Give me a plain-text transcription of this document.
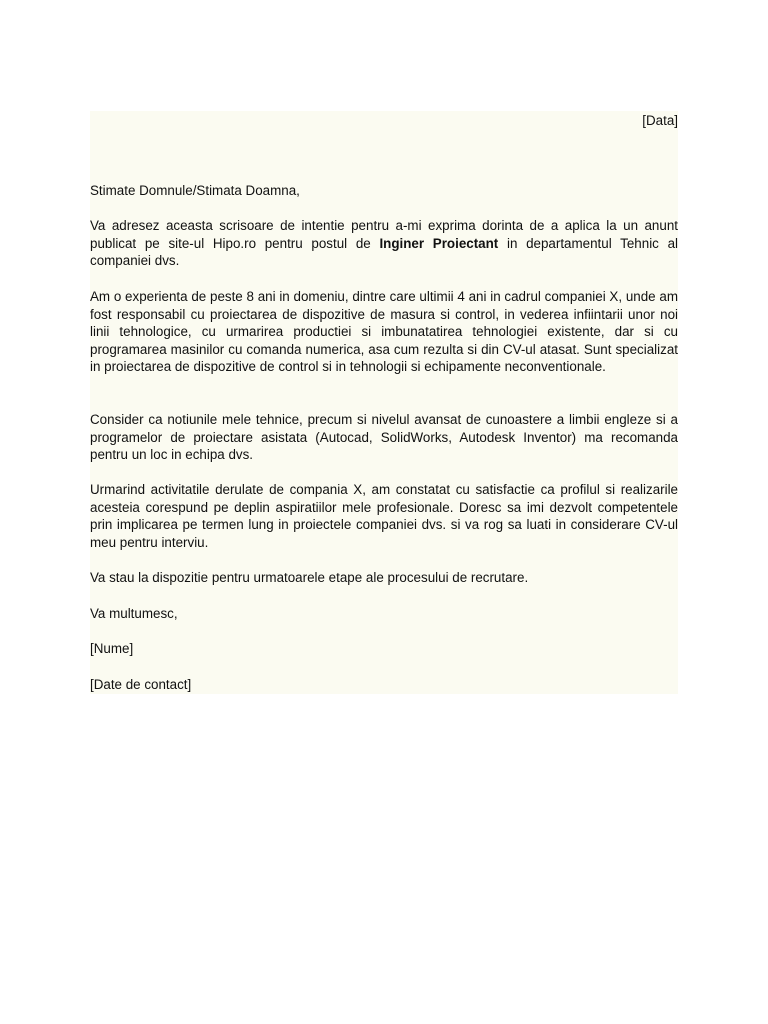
[Data]

Stimate Domnule/Stimata Doamna,

Va adresez aceasta scrisoare de intentie pentru a-mi exprima dorinta de a aplica la un anunt publicat pe site-ul Hipo.ro pentru postul de Inginer Proiectant in departamentul Tehnic al companiei dvs.

Am o experienta de peste 8 ani in domeniu, dintre care ultimii 4 ani in cadrul companiei X, unde am fost responsabil cu proiectarea de dispozitive de masura si control, in vederea infiintarii unor noi linii tehnologice, cu urmarirea productiei si imbunatatirea tehnologiei existente, dar si cu programarea masinilor cu comanda numerica, asa cum rezulta si din CV-ul atasat. Sunt specializat in proiectarea de dispozitive de control si in tehnologii si echipamente neconventionale.

Consider ca notiunile mele tehnice, precum si nivelul avansat de cunoastere a limbii engleze si a programelor de proiectare asistata (Autocad, SolidWorks, Autodesk Inventor) ma recomanda pentru un loc in echipa dvs.

Urmarind activitatile derulate de compania X, am constatat cu satisfactie ca profilul si realizarile acesteia corespund pe deplin aspiratiilor mele profesionale. Doresc sa imi dezvolt competentele prin implicarea pe termen lung in proiectele companiei dvs. si va rog sa luati in considerare CV-ul meu pentru interviu.

Va stau la dispozitie pentru urmatoarele etape ale procesului de recrutare.

Va multumesc,

[Nume]

[Date de contact]
